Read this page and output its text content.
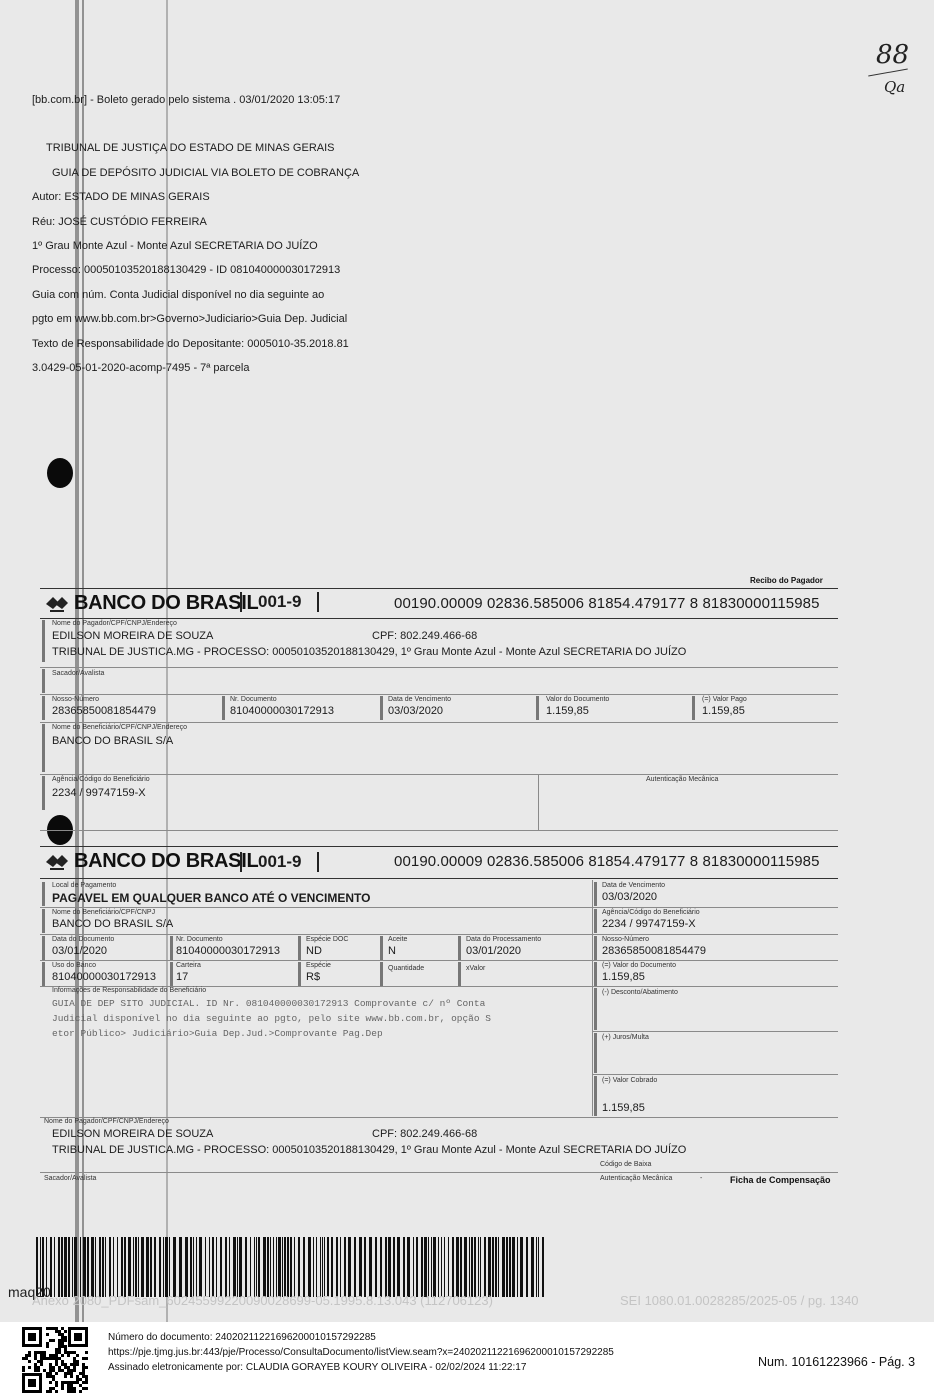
88
Qa
[bb.com.br] - Boleto gerado pelo sistema . 03/01/2020 13:05:17
TRIBUNAL DE JUSTIÇA DO ESTADO DE MINAS GERAIS
GUIA DE DEPÓSITO JUDICIAL VIA BOLETO DE COBRANÇA
Autor: ESTADO DE MINAS GERAIS
Réu: JOSÉ CUSTÓDIO FERREIRA
1º Grau Monte Azul - Monte Azul SECRETARIA DO JUÍZO
Processo: 00050103520188130429 - ID 081040000030172913
Guia com núm. Conta Judicial disponível no dia seguinte ao
pgto em www.bb.com.br>Governo>Judiciario>Guia Dep. Judicial
Texto de Responsabilidade do Depositante: 0005010-35.2018.81
3.0429-05-01-2020-acomp-7495 - 7ª parcela
Recibo do Pagador
BANCO DO BRASIL 001-9	00190.00009 02836.585006 81854.479177 8 81830000115985
Nome do Pagador/CPF/CNPJ/Endereço
EDILSON MOREIRA DE SOUZA	CPF: 802.249.466-68
TRIBUNAL DE JUSTICA.MG - PROCESSO: 00050103520188130429, 1º Grau Monte Azul - Monte Azul SECRETARIA DO JUÍZO
Sacador/Avalista
Nosso-Número
28365850081854479
Nr. Documento
81040000030172913
Data de Vencimento
03/03/2020
Valor do Documento
1.159,85
(=) Valor Pago
1.159,85
Nome do Beneficiário/CPF/CNPJ/Endereço
BANCO DO BRASIL S/A
Agência/Código do Beneficiário
2234 / 99747159-X
Autenticação Mecânica
BANCO DO BRASIL 001-9	00190.00009 02836.585006 81854.479177 8 81830000115985
Local de Pagamento
PAGAVEL EM QUALQUER BANCO ATÉ O VENCIMENTO
Data de Vencimento
03/03/2020
Nome do Beneficiário/CPF/CNPJ
BANCO DO BRASIL S/A
Agência/Código do Beneficiário
2234 / 99747159-X
Data do Documento
03/01/2020
Nr. Documento
81040000030172913
Espécie DOC
ND
Aceite
N
Data do Processamento
03/01/2020
Nosso-Número
28365850081854479
Uso do Banco
81040000030172913
Carteira
17
Espécie
R$
Quantidade	xValor	(=) Valor do Documento
1.159,85
Informações de Responsabilidade do Beneficiário
GUIA DE DEP SITO JUDICIAL. ID Nr. 081040000030172913 Comprovante c/ nº Conta
Judicial disponível no dia seguinte ao pgto, pelo site www.bb.com.br, opção S
etor Público> Judiciário>Guia Dep.Jud.>Comprovante Pag.Dep
(-) Desconto/Abatimento
(+) Juros/Multa
(=) Valor Cobrado
1.159,85
Nome do Pagador/CPF/CNPJ/Endereço
EDILSON MOREIRA DE SOUZA	CPF: 802.249.466-68
TRIBUNAL DE JUSTICA.MG - PROCESSO: 00050103520188130429, 1º Grau Monte Azul - Monte Azul SECRETARIA DO JUÍZO
Código de Baixa
Sacador/Avalista	Autenticação Mecânica	-	Ficha de Compensação
maq20
Anexo 2080_PDFsam_6024559922009002869​9-05.1995.8.13.043 (112706123)	SEI 1080.01.0028285/2025-05 / pg. 1340
Número do documento: 24020211221696200010157292285
https://pje.tjmg.jus.br:443/pje/Processo/ConsultaDocumento/listView.seam?x=24020211221696200010157292285
Assinado eletronicamente por: CLAUDIA GORAYEB KOURY OLIVEIRA - 02/02/2024 11:22:17	Num. 10161223966 - Pág. 3
